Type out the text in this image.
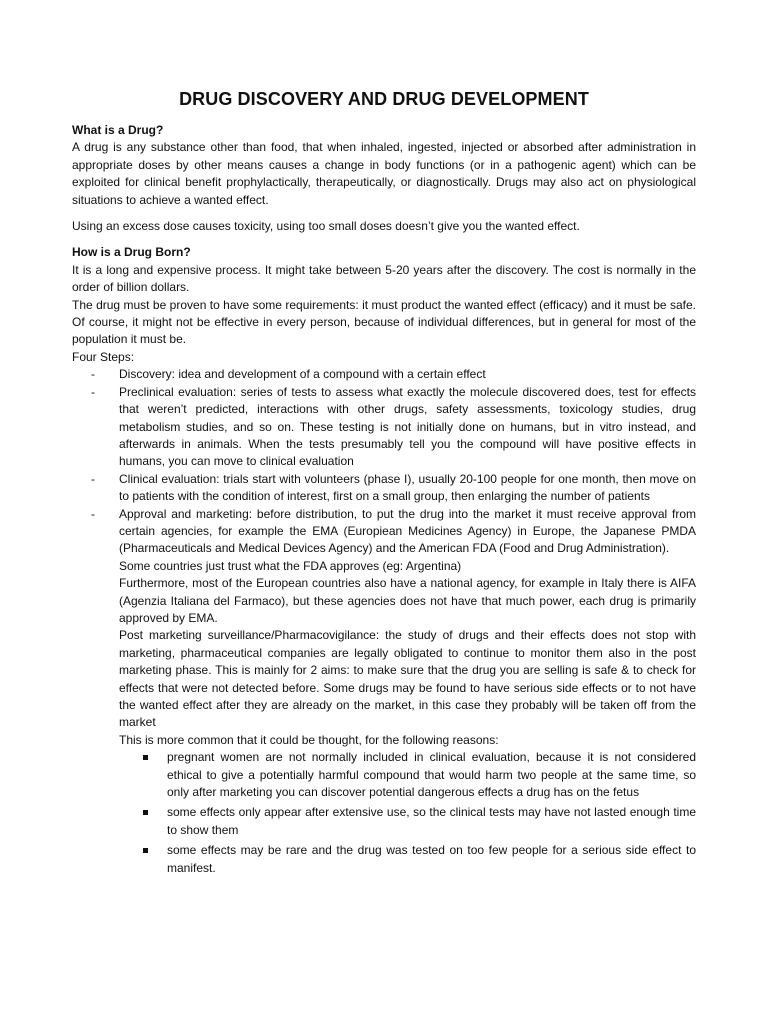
DRUG DISCOVERY AND DRUG DEVELOPMENT

What is a Drug?

A drug is any substance other than food, that when inhaled, ingested, injected or absorbed after administration in appropriate doses by other means causes a change in body functions (or in a pathogenic agent) which can be exploited for clinical benefit prophylactically, therapeutically, or diagnostically. Drugs may also act on physiological situations to achieve a wanted effect.

Using an excess dose causes toxicity, using too small doses doesn’t give you the wanted effect.

How is a Drug Born?

It is a long and expensive process. It might take between 5-20 years after the discovery. The cost is normally in the order of billion dollars.

The drug must be proven to have some requirements: it must product the wanted effect (efficacy) and it must be safe. Of course, it might not be effective in every person, because of individual differences, but in general for most of the population it must be.

Four Steps:

- Discovery: idea and development of a compound with a certain effect
- Preclinical evaluation: series of tests to assess what exactly the molecule discovered does, test for effects that weren’t predicted, interactions with other drugs, safety assessments, toxicology studies, drug metabolism studies, and so on. These testing is not initially done on humans, but in vitro instead, and afterwards in animals. When the tests presumably tell you the compound will have positive effects in humans, you can move to clinical evaluation
- Clinical evaluation: trials start with volunteers (phase I), usually 20-100 people for one month, then move on to patients with the condition of interest, first on a small group, then enlarging the number of patients
- Approval and marketing: before distribution, to put the drug into the market it must receive approval from certain agencies, for example the EMA (Europiean Medicines Agency) in Europe, the Japanese PMDA (Pharmaceuticals and Medical Devices Agency) and the American FDA (Food and Drug Administration).

Some countries just trust what the FDA approves (eg: Argentina)

Furthermore, most of the European countries also have a national agency, for example in Italy there is AIFA (Agenzia Italiana del Farmaco), but these agencies does not have that much power, each drug is primarily approved by EMA.

Post marketing surveillance/Pharmacovigilance: the study of drugs and their effects does not stop with marketing, pharmaceutical companies are legally obligated to continue to monitor them also in the post marketing phase. This is mainly for 2 aims: to make sure that the drug you are selling is safe & to check for effects that were not detected before. Some drugs may be found to have serious side effects or to not have the wanted effect after they are already on the market, in this case they probably will be taken off from the market

This is more common that it could be thought, for the following reasons:

pregnant women are not normally included in clinical evaluation, because it is not considered ethical to give a potentially harmful compound that would harm two people at the same time, so only after marketing you can discover potential dangerous effects a drug has on the fetus
some effects only appear after extensive use, so the clinical tests may have not lasted enough time to show them
some effects may be rare and the drug was tested on too few people for a serious side effect to manifest.
